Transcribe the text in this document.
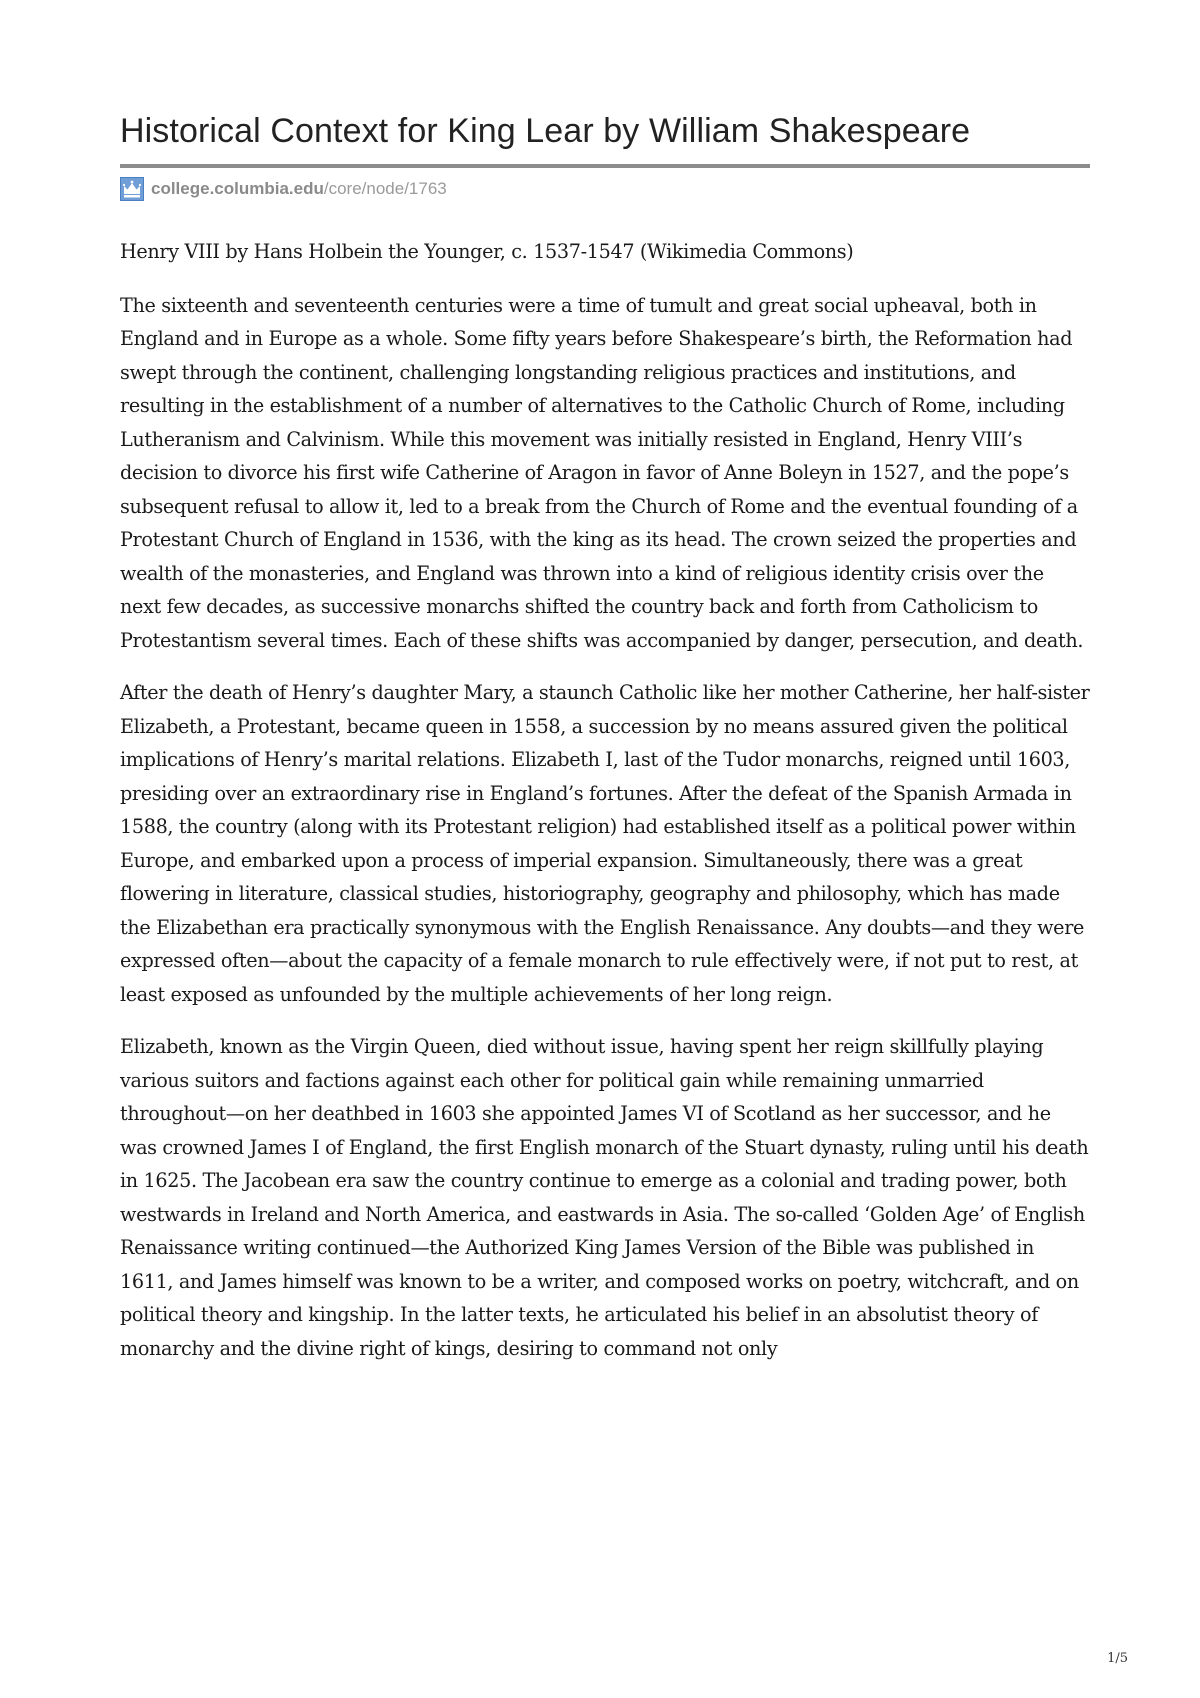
Historical Context for King Lear by William Shakespeare
college.columbia.edu /core/node/1763

Henry VIII by Hans Holbein the Younger, c. 1537-1547 (Wikimedia Commons)

The sixteenth and seventeenth centuries were a time of tumult and great social upheaval, both in England and in Europe as a whole. Some fifty years before Shakespeare’s birth, the Reformation had swept through the continent, challenging longstanding religious practices and institutions, and resulting in the establishment of a number of alternatives to the Catholic Church of Rome, including Lutheranism and Calvinism. While this movement was initially resisted in England, Henry VIII’s decision to divorce his first wife Catherine of Aragon in favor of Anne Boleyn in 1527, and the pope’s subsequent refusal to allow it, led to a break from the Church of Rome and the eventual founding of a Protestant Church of England in 1536, with the king as its head. The crown seized the properties and wealth of the monasteries, and England was thrown into a kind of religious identity crisis over the next few decades, as successive monarchs shifted the country back and forth from Catholicism to Protestantism several times. Each of these shifts was accompanied by danger, persecution, and death.

After the death of Henry’s daughter Mary, a staunch Catholic like her mother Catherine, her half-sister Elizabeth, a Protestant, became queen in 1558, a succession by no means assured given the political implications of Henry’s marital relations. Elizabeth I, last of the Tudor monarchs, reigned until 1603, presiding over an extraordinary rise in England’s fortunes. After the defeat of the Spanish Armada in 1588, the country (along with its Protestant religion) had established itself as a political power within Europe, and embarked upon a process of imperial expansion. Simultaneously, there was a great flowering in literature, classical studies, historiography, geography and philosophy, which has made the Elizabethan era practically synonymous with the English Renaissance. Any doubts—and they were expressed often—about the capacity of a female monarch to rule effectively were, if not put to rest, at least exposed as unfounded by the multiple achievements of her long reign.

Elizabeth, known as the Virgin Queen, died without issue, having spent her reign skillfully playing various suitors and factions against each other for political gain while remaining unmarried throughout—on her deathbed in 1603 she appointed James VI of Scotland as her successor, and he was crowned James I of England, the first English monarch of the Stuart dynasty, ruling until his death in 1625. The Jacobean era saw the country continue to emerge as a colonial and trading power, both westwards in Ireland and North America, and eastwards in Asia. The so-called ‘Golden Age’ of English Renaissance writing continued—the Authorized King James Version of the Bible was published in 1611, and James himself was known to be a writer, and composed works on poetry, witchcraft, and on political theory and kingship. In the latter texts, he articulated his belief in an absolutist theory of monarchy and the divine right of kings, desiring to command not only

1/5
